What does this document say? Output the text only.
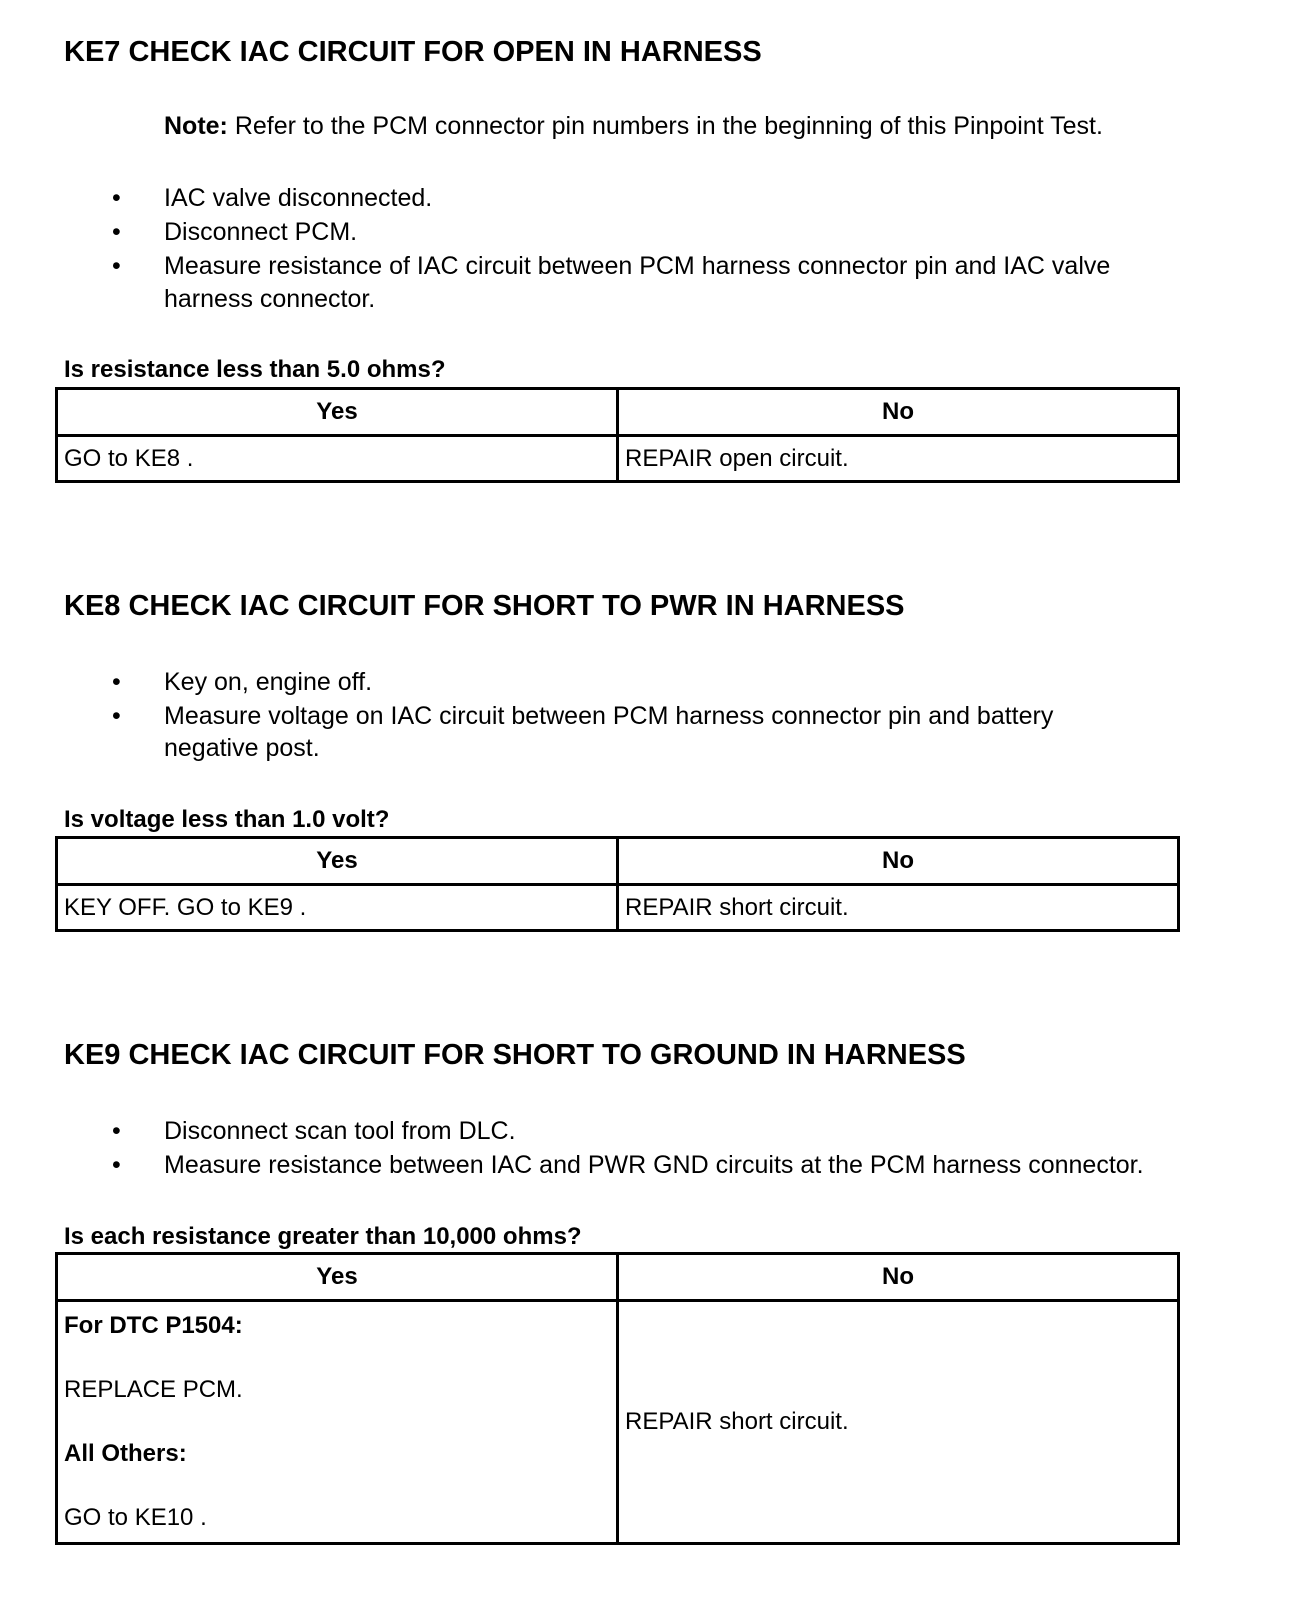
KE7 CHECK IAC CIRCUIT FOR OPEN IN HARNESS
Note: Refer to the PCM connector pin numbers in the beginning of this Pinpoint Test.
• IAC valve disconnected.
• Disconnect PCM.
• Measure resistance of IAC circuit between PCM harness connector pin and IAC valve
harness connector.
Is resistance less than 5.0 ohms?
Yes	No
GO to KE8 .	REPAIR open circuit.
KE8 CHECK IAC CIRCUIT FOR SHORT TO PWR IN HARNESS
• Key on, engine off.
• Measure voltage on IAC circuit between PCM harness connector pin and battery
negative post.
Is voltage less than 1.0 volt?
Yes	No
KEY OFF. GO to KE9 .	REPAIR short circuit.
KE9 CHECK IAC CIRCUIT FOR SHORT TO GROUND IN HARNESS
• Disconnect scan tool from DLC.
• Measure resistance between IAC and PWR GND circuits at the PCM harness connector.
Is each resistance greater than 10,000 ohms?
Yes	No

For DTC P1504:

REPLACE PCM.

All Others:

GO to KE10 .	REPAIR short circuit.
